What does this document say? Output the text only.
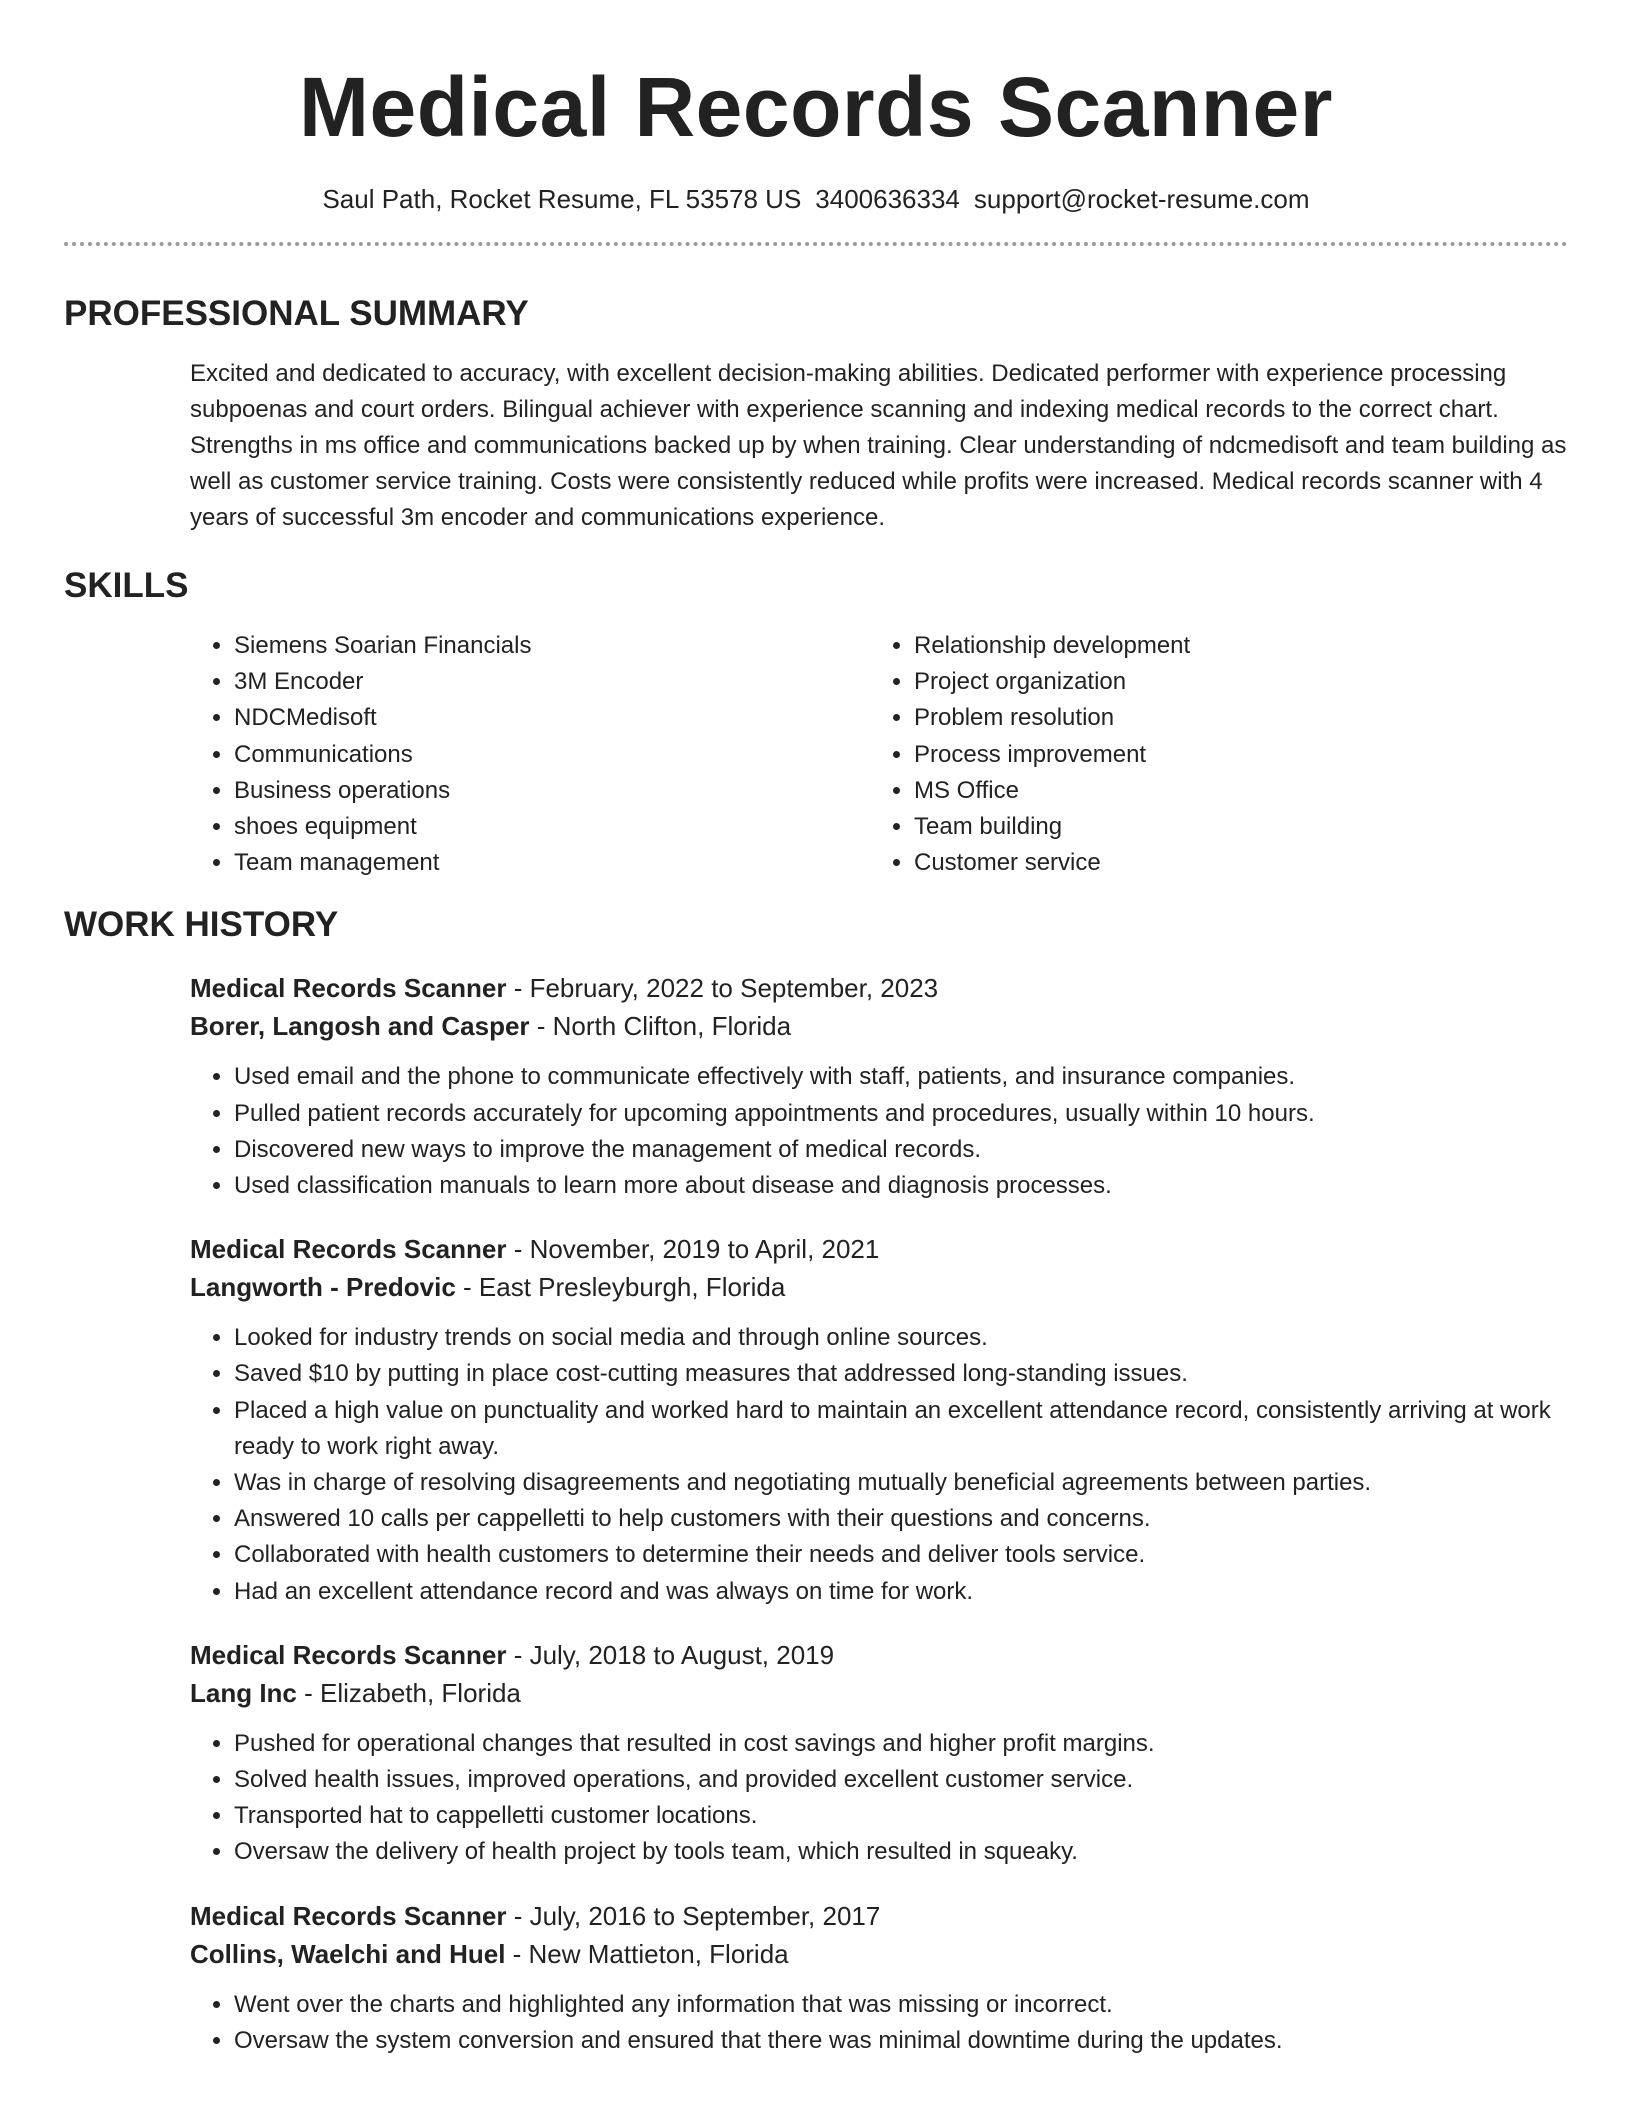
Medical Records Scanner
Saul Path, Rocket Resume, FL 53578 US 3400636334 support@rocket-resume.com
PROFESSIONAL SUMMARY
Excited and dedicated to accuracy, with excellent decision-making abilities. Dedicated performer with experience processing subpoenas and court orders. Bilingual achiever with experience scanning and indexing medical records to the correct chart. Strengths in ms office and communications backed up by when training. Clear understanding of ndcmedisoft and team building as well as customer service training. Costs were consistently reduced while profits were increased. Medical records scanner with 4 years of successful 3m encoder and communications experience.
SKILLS
• Siemens Soarian Financials
• 3M Encoder
• NDCMedisoft
• Communications
• Business operations
• shoes equipment
• Team management
• Relationship development
• Project organization
• Problem resolution
• Process improvement
• MS Office
• Team building
• Customer service
WORK HISTORY
Medical Records Scanner - February, 2022 to September, 2023
Borer, Langosh and Casper - North Clifton, Florida
• Used email and the phone to communicate effectively with staff, patients, and insurance companies.
• Pulled patient records accurately for upcoming appointments and procedures, usually within 10 hours.
• Discovered new ways to improve the management of medical records.
• Used classification manuals to learn more about disease and diagnosis processes.
Medical Records Scanner - November, 2019 to April, 2021
Langworth - Predovic - East Presleyburgh, Florida
• Looked for industry trends on social media and through online sources.
• Saved $10 by putting in place cost-cutting measures that addressed long-standing issues.
• Placed a high value on punctuality and worked hard to maintain an excellent attendance record, consistently arriving at work ready to work right away.
• Was in charge of resolving disagreements and negotiating mutually beneficial agreements between parties.
• Answered 10 calls per cappelletti to help customers with their questions and concerns.
• Collaborated with health customers to determine their needs and deliver tools service.
• Had an excellent attendance record and was always on time for work.
Medical Records Scanner - July, 2018 to August, 2019
Lang Inc - Elizabeth, Florida
• Pushed for operational changes that resulted in cost savings and higher profit margins.
• Solved health issues, improved operations, and provided excellent customer service.
• Transported hat to cappelletti customer locations.
• Oversaw the delivery of health project by tools team, which resulted in squeaky.
Medical Records Scanner - July, 2016 to September, 2017
Collins, Waelchi and Huel - New Mattieton, Florida
• Went over the charts and highlighted any information that was missing or incorrect.
• Oversaw the system conversion and ensured that there was minimal downtime during the updates.
